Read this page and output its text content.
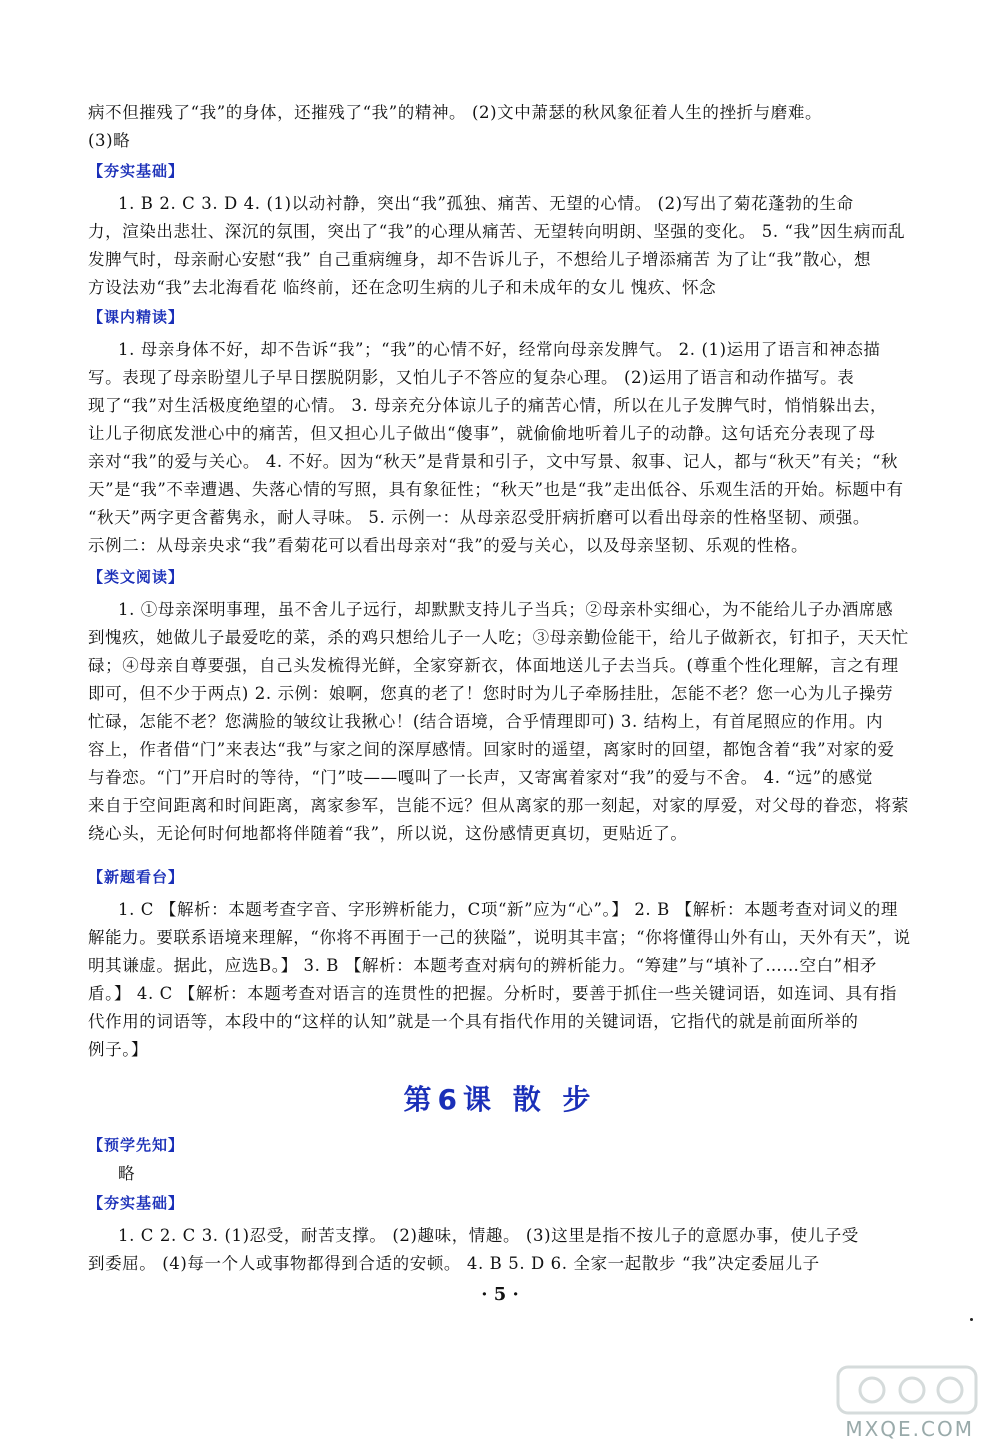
病不但摧残了“我”的身体，还摧残了“我”的精神。 (2)文中萧瑟的秋风象征着人生的挫折与磨难。
(3)略
【夯实基础】
1. B 2. C 3. D 4. (1)以动衬静，突出“我”孤独、痛苦、无望的心情。 (2)写出了菊花蓬勃的生命
力，渲染出悲壮、深沉的氛围，突出了“我”的心理从痛苦、无望转向明朗、坚强的变化。 5. “我”因生病而乱
发脾气时，母亲耐心安慰“我” 自己重病缠身，却不告诉儿子，不想给儿子增添痛苦 为了让“我”散心，想
方设法劝“我”去北海看花 临终前，还在念叨生病的儿子和未成年的女儿 愧疚、怀念
【课内精读】
1. 母亲身体不好，却不告诉“我”；“我”的心情不好，经常向母亲发脾气。 2. (1)运用了语言和神态描
写。表现了母亲盼望儿子早日摆脱阴影，又怕儿子不答应的复杂心理。 (2)运用了语言和动作描写。表
现了“我”对生活极度绝望的心情。 3. 母亲充分体谅儿子的痛苦心情，所以在儿子发脾气时，悄悄躲出去，
让儿子彻底发泄心中的痛苦，但又担心儿子做出“傻事”，就偷偷地听着儿子的动静。这句话充分表现了母
亲对“我”的爱与关心。 4. 不好。因为“秋天”是背景和引子，文中写景、叙事、记人，都与“秋天”有关；“秋
天”是“我”不幸遭遇、失落心情的写照，具有象征性；“秋天”也是“我”走出低谷、乐观生活的开始。标题中有
“秋天”两字更含蓄隽永，耐人寻味。 5. 示例一：从母亲忍受肝病折磨可以看出母亲的性格坚韧、顽强。
示例二：从母亲央求“我”看菊花可以看出母亲对“我”的爱与关心，以及母亲坚韧、乐观的性格。
【类文阅读】
1. ①母亲深明事理，虽不舍儿子远行，却默默支持儿子当兵；②母亲朴实细心，为不能给儿子办酒席感
到愧疚，她做儿子最爱吃的菜，杀的鸡只想给儿子一人吃；③母亲勤俭能干，给儿子做新衣，钉扣子，天天忙
碌；④母亲自尊要强，自己头发梳得光鲜，全家穿新衣，体面地送儿子去当兵。(尊重个性化理解，言之有理
即可，但不少于两点) 2. 示例：娘啊，您真的老了！您时时为儿子牵肠挂肚，怎能不老？您一心为儿子操劳
忙碌，怎能不老？您满脸的皱纹让我揪心！(结合语境，合乎情理即可) 3. 结构上，有首尾照应的作用。内
容上，作者借“门”来表达“我”与家之间的深厚感情。回家时的遥望，离家时的回望，都饱含着“我”对家的爱
与眷恋。“门”开启时的等待，“门”吱——嘎叫了一长声，又寄寓着家对“我”的爱与不舍。 4. “远”的感觉
来自于空间距离和时间距离，离家参军，岂能不远？但从离家的那一刻起，对家的厚爱，对父母的眷恋，将萦
绕心头，无论何时何地都将伴随着“我”，所以说，这份感情更真切，更贴近了。
【新题看台】
1. C 【解析：本题考查字音、字形辨析能力，C项“新”应为“心”。】 2. B 【解析：本题考查对词义的理
解能力。要联系语境来理解，“你将不再囿于一己的狭隘”，说明其丰富；“你将懂得山外有山，天外有天”，说
明其谦虚。据此，应选B。】 3. B 【解析：本题考查对病句的辨析能力。“筹建”与“填补了……空白”相矛
盾。】 4. C 【解析：本题考查对语言的连贯性的把握。分析时，要善于抓住一些关键词语，如连词、具有指
代作用的词语等，本段中的“这样的认知”就是一个具有指代作用的关键词语，它指代的就是前面所举的
例子。】
第6课 散 步
【预学先知】
略
【夯实基础】
1. C 2. C 3. (1)忍受，耐苦支撑。 (2)趣味，情趣。 (3)这里是指不按儿子的意愿办事，使儿子受
到委屈。 (4)每一个人或事物都得到合适的安顿。 4. B 5. D 6. 全家一起散步 “我”决定委屈儿子
· 5 ·
MXQE.COM
